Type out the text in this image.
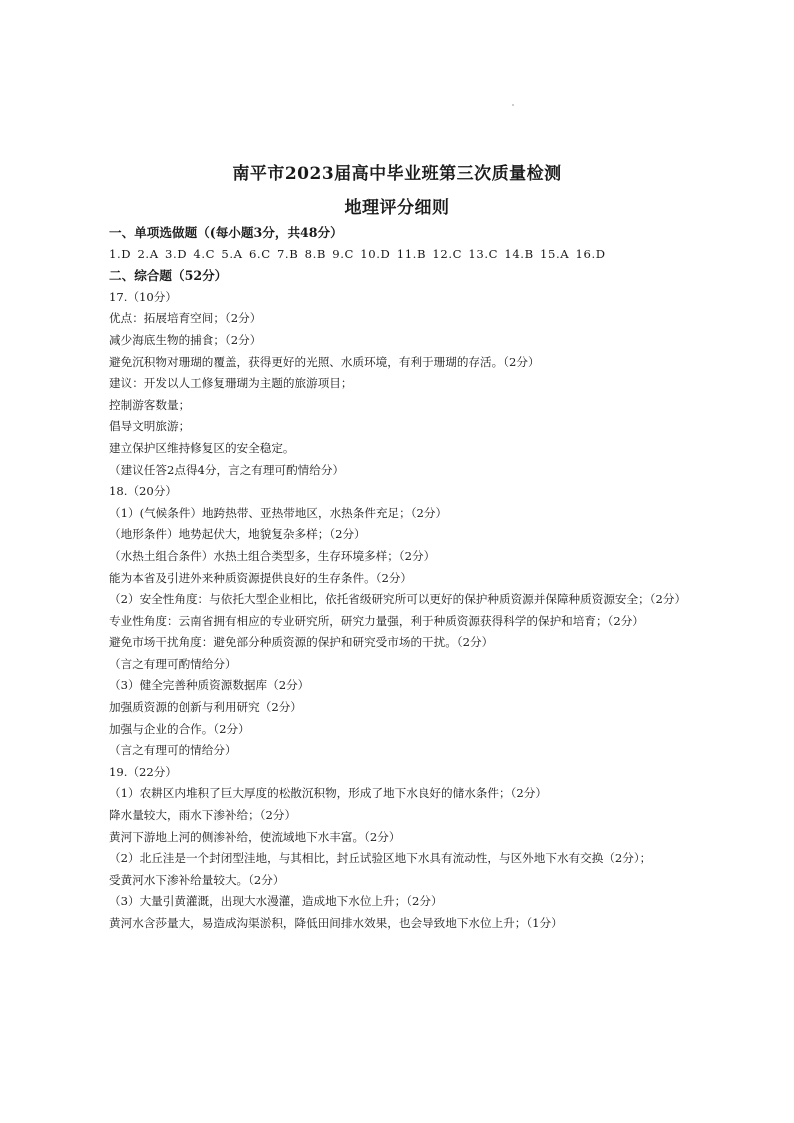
南平市2023届高中毕业班第三次质量检测
地理评分细则
一、单项选做题（(每小题3分，共48分）
1.D 2.A 3.D 4.C 5.A 6.C 7.B 8.B 9.C 10.D 11.B 12.C 13.C 14.B 15.A 16.D
二、综合题（52分）
17.（10分）
优点：拓展培育空间；（2分）
减少海底生物的捕食；（2分）
避免沉积物对珊瑚的覆盖，获得更好的光照、水质环境，有利于珊瑚的存活。（2分）
建议：开发以人工修复珊瑚为主题的旅游项目；
控制游客数量；
倡导文明旅游；
建立保护区维持修复区的安全稳定。
（建议任答2点得4分，言之有理可酌情给分）
18.（20分）
（1）(气候条件）地跨热带、亚热带地区，水热条件充足；（2分）
（地形条件）地势起伏大，地貌复杂多样；（2分）
（水热土组合条件）水热土组合类型多，生存环境多样；（2分）
能为本省及引进外来种质资源提供良好的生存条件。（2分）
（2）安全性角度：与依托大型企业相比，依托省级研究所可以更好的保护种质资源并保障种质资源安全；（2分）
专业性角度：云南省拥有相应的专业研究所，研究力量强，利于种质资源获得科学的保护和培育；（2分）
避免市场干扰角度：避免部分种质资源的保护和研究受市场的干扰。（2分）
（言之有理可酌情给分）
（3）健全完善种质资源数据库（2分）
加强质资源的创新与利用研究（2分）
加强与企业的合作。（2分）
（言之有理可的情给分）
19.（22分）
（1）农耕区内堆积了巨大厚度的松散沉积物，形成了地下水良好的储水条件；（2分）
降水量较大，雨水下渗补给；（2分）
黄河下游地上河的侧渗补给，使流域地下水丰富。（2分）
（2）北丘洼是一个封闭型洼地，与其相比，封丘试验区地下水具有流动性，与区外地下水有交换（2分）；
受黄河水下渗补给量较大。（2分）
（3）大量引黄灌溉，出现大水漫灌，造成地下水位上升；（2分）
黄河水含莎量大，易造成沟渠淤积，降低田间排水效果，也会导致地下水位上升；（1分）
